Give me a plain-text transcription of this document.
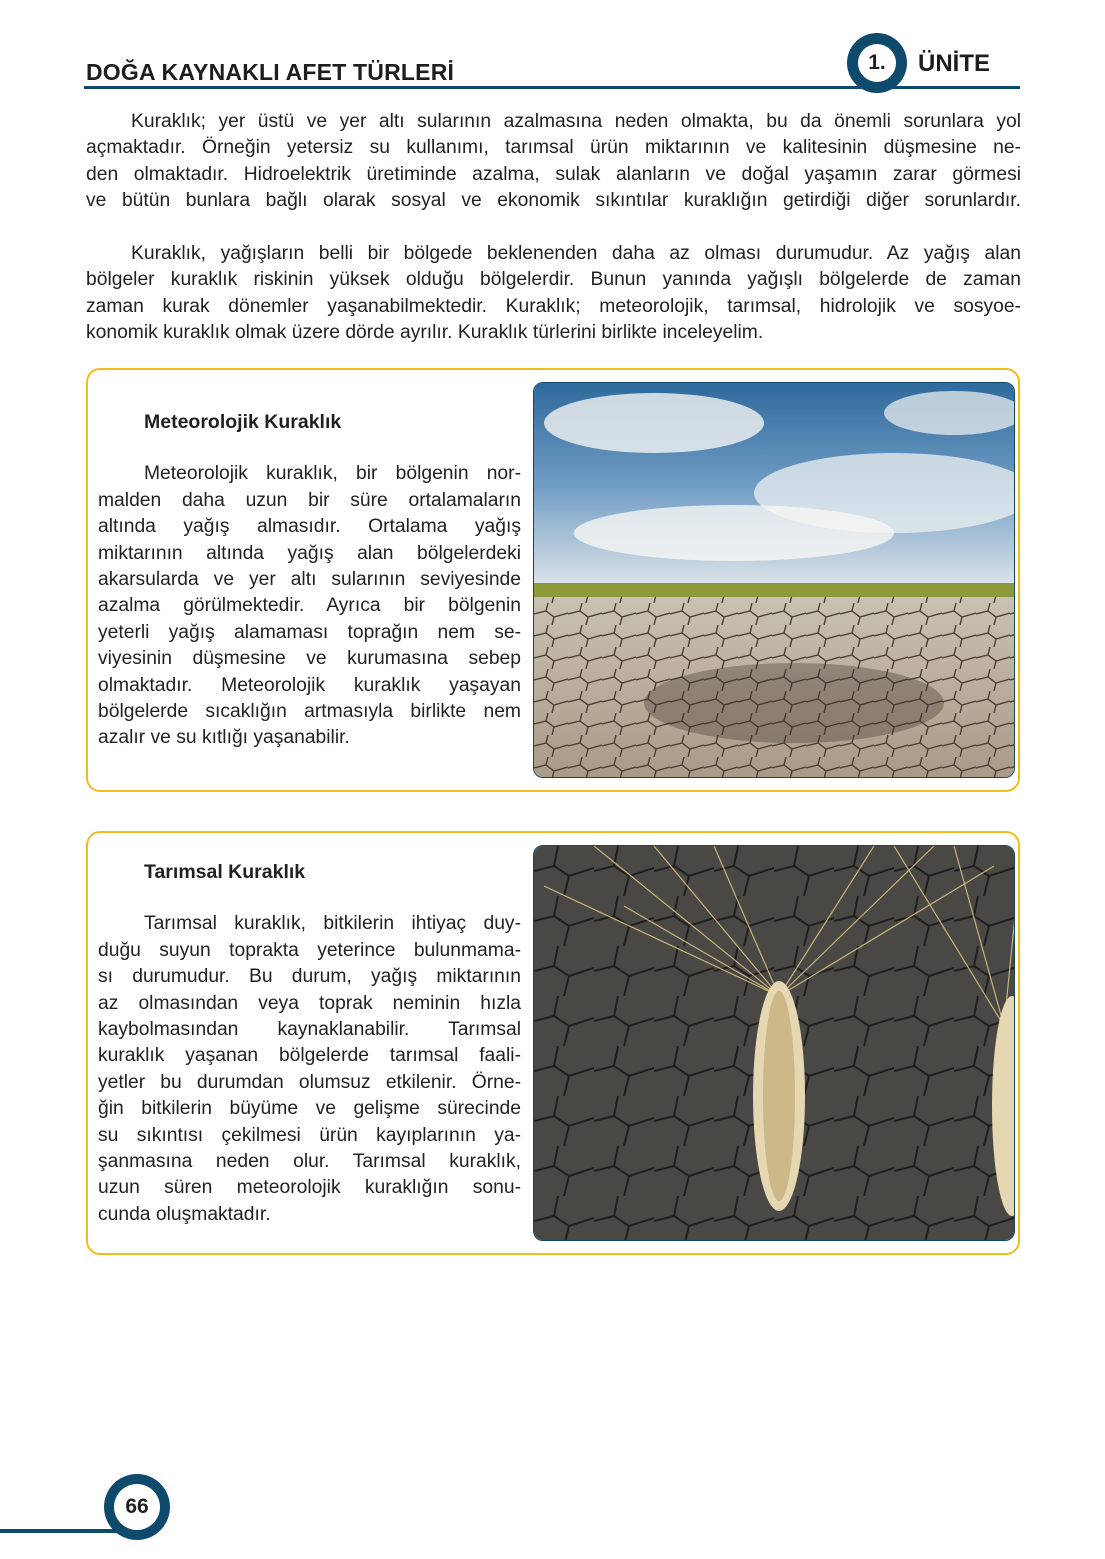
DOĞA KAYNAKLI AFET TÜRLERİ	1.	ÜNİTE
Kuraklık; yer üstü ve yer altı sularının azalmasına neden olmakta, bu da önemli sorunlara yol
açmaktadır. Örneğin yetersiz su kullanımı, tarımsal ürün miktarının ve kalitesinin düşmesine ne-
den olmaktadır. Hidroelektrik üretiminde azalma, sulak alanların ve doğal yaşamın zarar görmesi
ve bütün bunlara bağlı olarak sosyal ve ekonomik sıkıntılar kuraklığın getirdiği diğer sorunlardır.
Kuraklık, yağışların belli bir bölgede beklenenden daha az olması durumudur. Az yağış alan
bölgeler kuraklık riskinin yüksek olduğu bölgelerdir. Bunun yanında yağışlı bölgelerde de zaman
zaman kurak dönemler yaşanabilmektedir. Kuraklık; meteorolojik, tarımsal, hidrolojik ve sosyoe-
konomik kuraklık olmak üzere dörde ayrılır. Kuraklık türlerini birlikte inceleyelim.
Meteorolojik Kuraklık
Meteorolojik kuraklık, bir bölgenin nor-
malden daha uzun bir süre ortalamaların
altında yağış almasıdır. Ortalama yağış
miktarının altında yağış alan bölgelerdeki
akarsularda ve yer altı sularının seviyesinde
azalma görülmektedir. Ayrıca bir bölgenin
yeterli yağış alamaması toprağın nem se-
viyesinin düşmesine ve kurumasına sebep
olmaktadır. Meteorolojik kuraklık yaşayan
bölgelerde sıcaklığın artmasıyla birlikte nem
azalır ve su kıtlığı yaşanabilir.
Tarımsal Kuraklık
Tarımsal kuraklık, bitkilerin ihtiyaç duy-
duğu suyun toprakta yeterince bulunmama-
sı durumudur. Bu durum, yağış miktarının
az olmasından veya toprak neminin hızla
kaybolmasından kaynaklanabilir. Tarımsal
kuraklık yaşanan bölgelerde tarımsal faali-
yetler bu durumdan olumsuz etkilenir. Örne-
ğin bitkilerin büyüme ve gelişme sürecinde
su sıkıntısı çekilmesi ürün kayıplarının ya-
şanmasına neden olur. Tarımsal kuraklık,
uzun süren meteorolojik kuraklığın sonu-
cunda oluşmaktadır.
66
